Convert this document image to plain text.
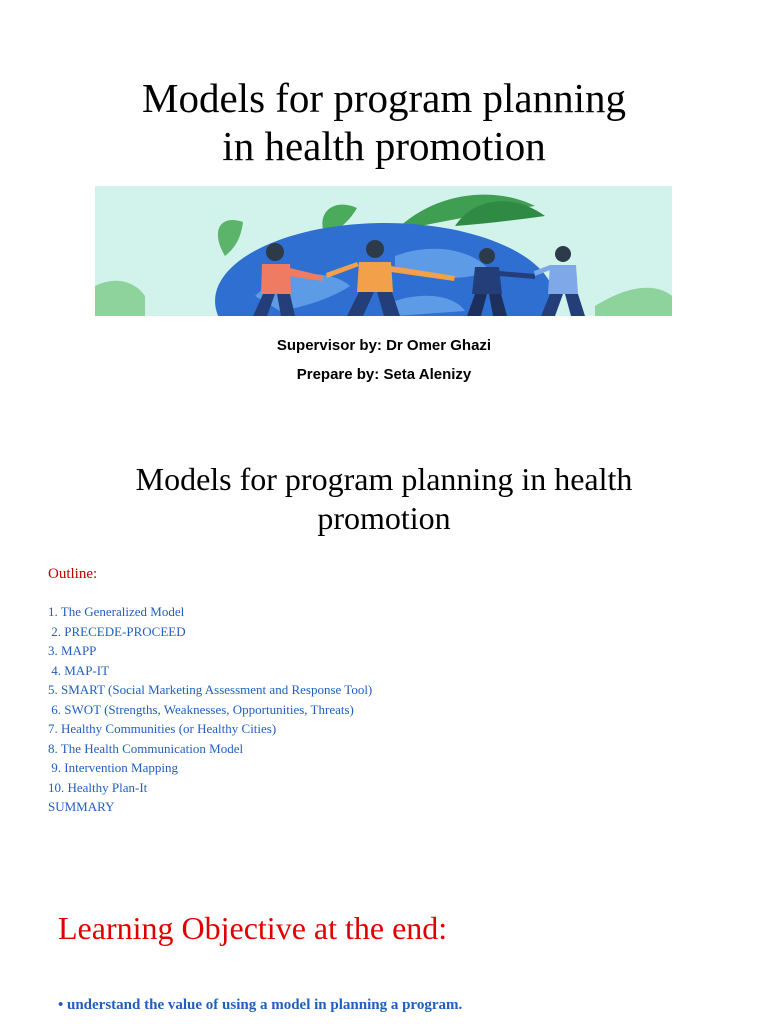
Models for program planning
in health promotion
Supervisor by: Dr Omer Ghazi
Prepare by: Seta Alenizy
Models for program planning in health
promotion
Outline:
1. The Generalized Model
2. PRECEDE-PROCEED
3. MAPP
4. MAP-IT
5. SMART (Social Marketing Assessment and Response Tool)
6. SWOT (Strengths, Weaknesses, Opportunities, Threats)
7. Healthy Communities (or Healthy Cities)
8. The Health Communication Model
9. Intervention Mapping
10. Healthy Plan-It
SUMMARY
Learning Objective at the end:
• understand the value of using a model in planning a program.
